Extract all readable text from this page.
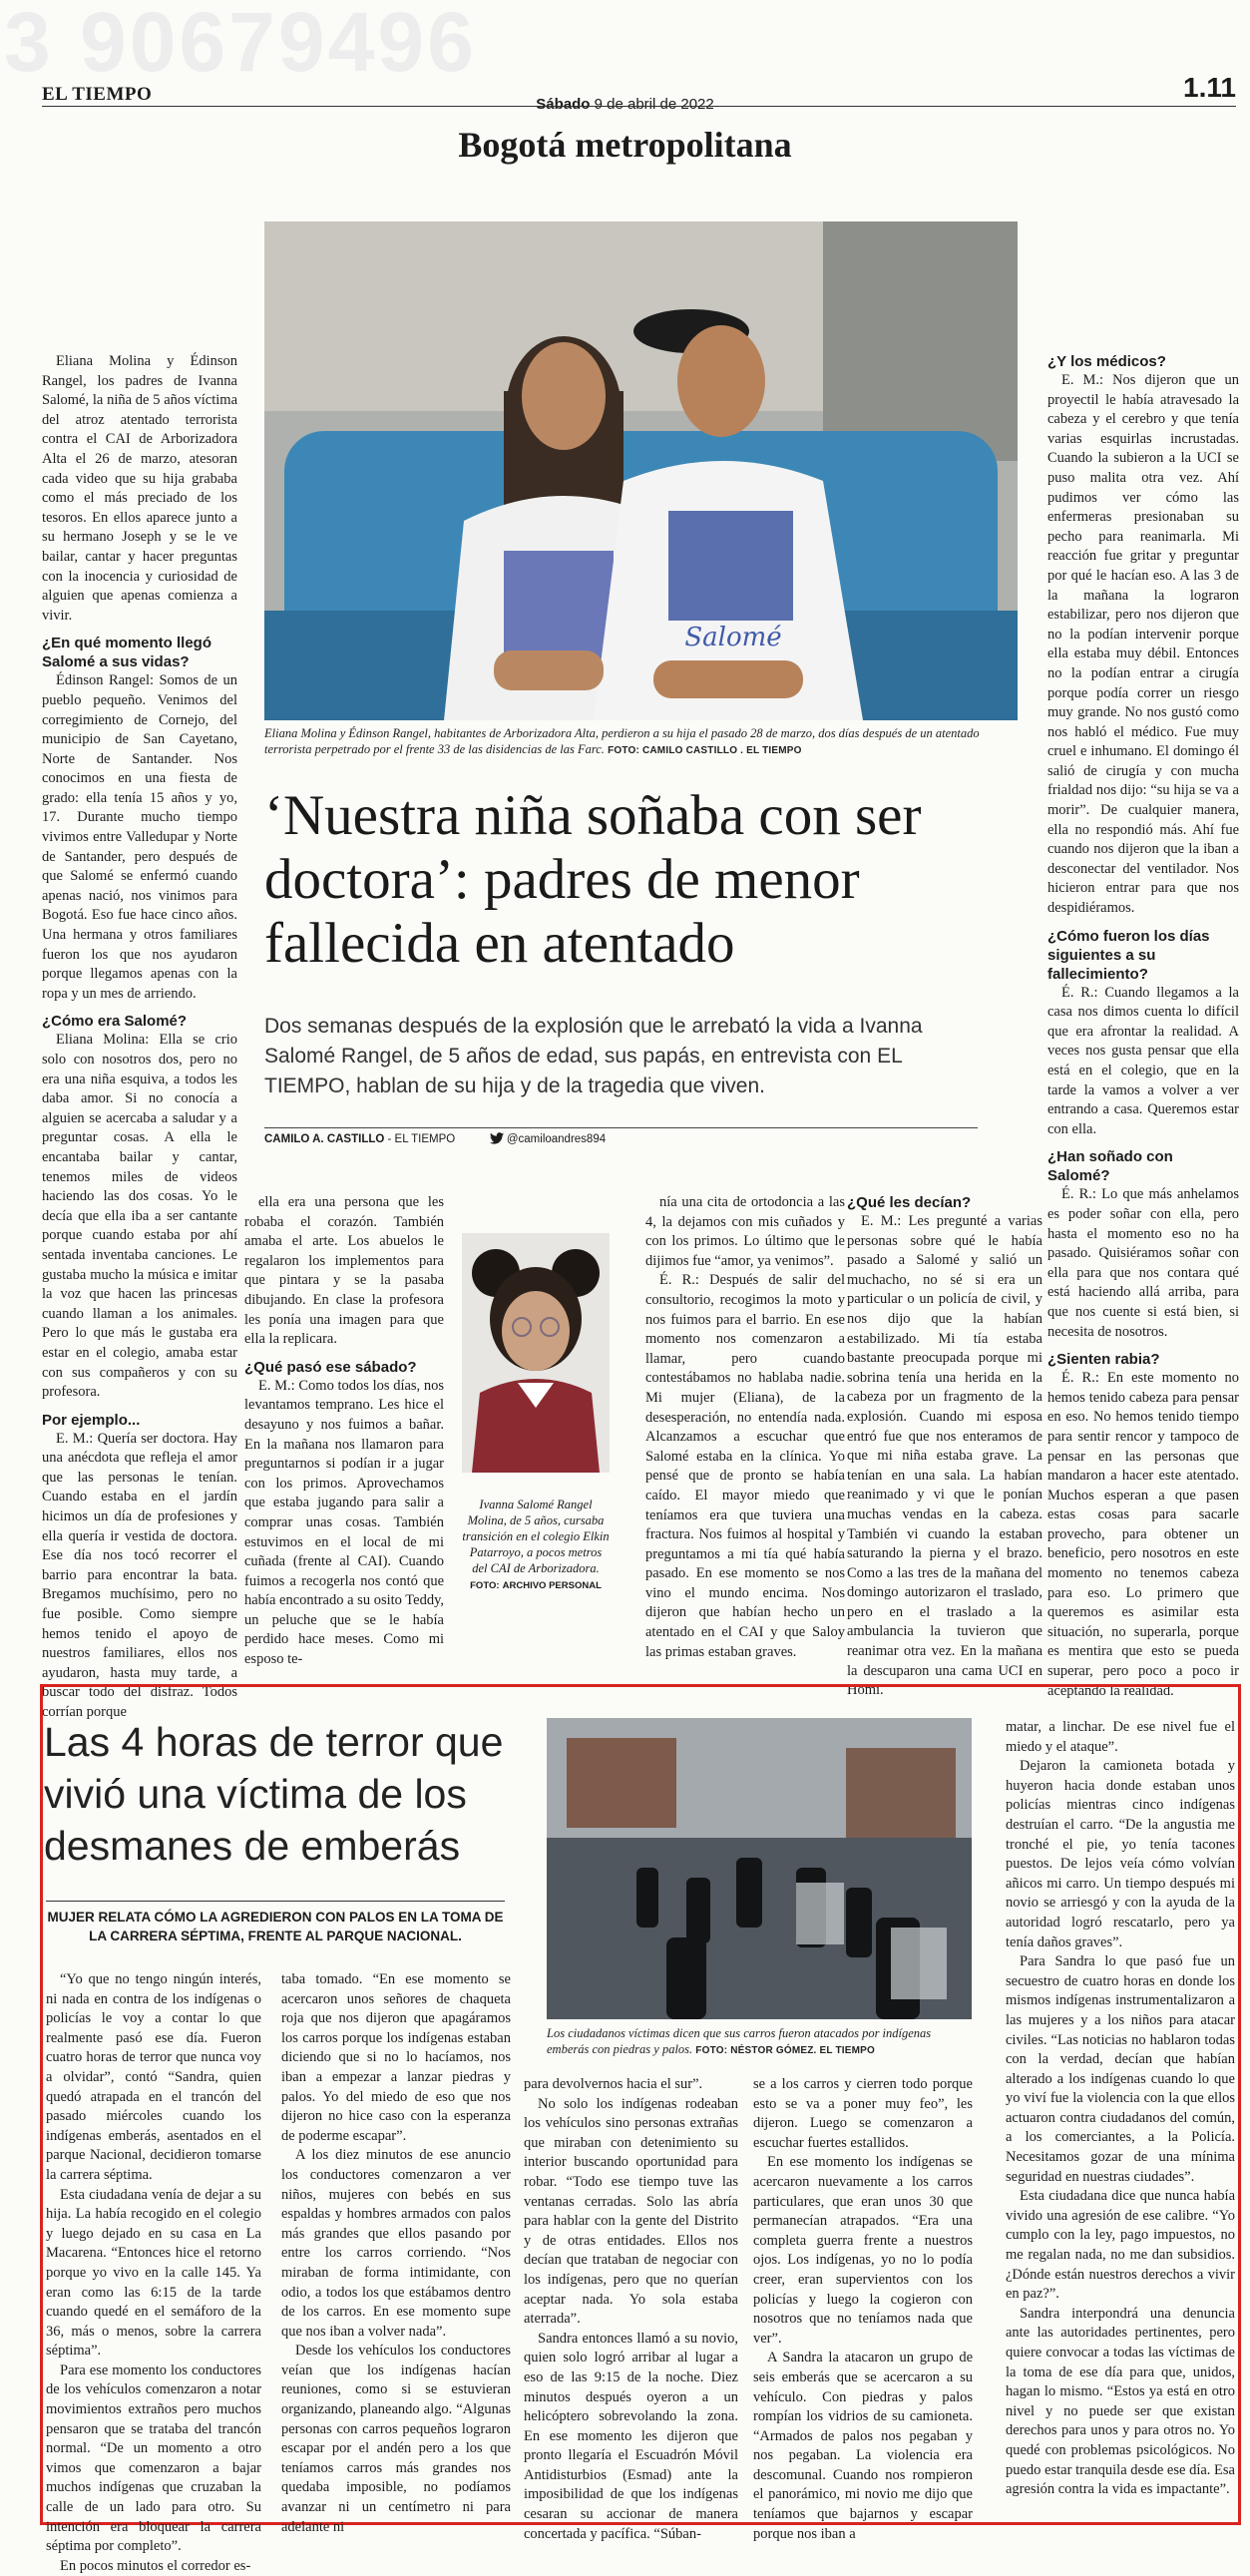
3 90679496
EL TIEMPO	Sábado 9 de abril de 2022
1.11
Bogotá metropolitana
Salomé
Eliana Molina y Édinson Rangel, habitantes de Arborizadora Alta, perdieron a su hija el pasado 28 de marzo, dos días después de un atentado terrorista perpetrado por el frente 33 de las disidencias de las Farc. FOTO: CAMILO CASTILLO . EL TIEMPO

Eliana Molina y Édinson Rangel, los padres de Ivanna Salomé, la niña de 5 años víctima del atroz atentado terrorista contra el CAI de Arborizadora Alta el 26 de marzo, atesoran cada video que su hija grababa como el más preciado de los tesoros. En ellos aparece junto a su hermano Joseph y se le ve bailar, cantar y hacer preguntas con la inocencia y curiosidad de alguien que apenas comienza a vivir.

¿En qué momento llegó Salomé a sus vidas?

Édinson Rangel: Somos de un pueblo pequeño. Venimos del corregimiento de Cornejo, del municipio de San Cayetano, Norte de Santander. Nos conocimos en una fiesta de grado: ella tenía 15 años y yo, 17. Durante mucho tiempo vivimos entre Valledupar y Norte de Santander, pero después de que Salomé se enfermó cuando apenas nació, nos vinimos para Bogotá. Eso fue hace cinco años. Una hermana y otros familiares fueron los que nos ayudaron porque llegamos apenas con la ropa y un mes de arriendo.

¿Cómo era Salomé?

Eliana Molina: Ella se crio solo con nosotros dos, pero no era una niña esquiva, a todos les daba amor. Si no conocía a alguien se acercaba a saludar y a preguntar cosas. A ella le encantaba bailar y cantar, tenemos miles de videos haciendo las dos cosas. Yo le decía que ella iba a ser cantante porque cuando estaba por ahí sentada inventaba canciones. Le gustaba mucho la música e imitar la voz que hacen las princesas cuando llaman a los animales. Pero lo que más le gustaba era estar en el colegio, amaba estar con sus compañeros y con su profesora.

Por ejemplo...

E. M.: Quería ser doctora. Hay una anécdota que refleja el amor que las personas le tenían. Cuando estaba en el jardín hicimos un día de profesiones y ella quería ir vestida de doctora. Ese día nos tocó recorrer el barrio para encontrar la bata. Bregamos muchísimo, pero no fue posible. Como siempre hemos tenido el apoyo de nuestros familiares, ellos nos ayudaron, hasta muy tarde, a buscar todo del disfraz. Todos corrían porque

‘Nuestra niña soñaba con ser doctora’: padres de menor fallecida en atentado
Dos semanas después de la explosión que le arrebató la vida a Ivanna Salomé Rangel, de 5 años de edad, sus papás, en entrevista con EL TIEMPO, hablan de su hija y de la tragedia que viven.
CAMILO A. CASTILLO - EL TIEMPO	@camiloandres894

ella era una persona que les robaba el corazón. También amaba el arte. Los abuelos le regalaron los implementos para que pintara y se la pasaba dibujando. En clase la profesora les ponía una imagen para que ella la replicara.

¿Qué pasó ese sábado?

E. M.: Como todos los días, nos levantamos temprano. Les hice el desayuno y nos fuimos a bañar. En la mañana nos llamaron para preguntarnos si podían ir a jugar con los primos. Aprovechamos que estaba jugando para salir a comprar unas cosas. También estuvimos en el local de mi cuñada (frente al CAI). Cuando fuimos a recogerla nos contó que había encontrado a su osito Teddy, un peluche que se le había perdido hace meses. Como mi esposo te-

Ivanna Salomé Rangel Molina, de 5 años, cursaba transición en el colegio Elkin Patarroyo, a pocos metros del CAI de Arborizadora. FOTO: ARCHIVO PERSONAL

nía una cita de ortodoncia a las 4, la dejamos con mis cuñados y con los primos. Lo último que le dijimos fue “amor, ya venimos”.

É. R.: Después de salir del consultorio, recogimos la moto y nos fuimos para el barrio. En ese momento nos comenzaron a llamar, pero cuando contestábamos no hablaba nadie. Mi mujer (Eliana), de la desesperación, no entendía nada. Alcanzamos a escuchar que Salomé estaba en la clínica. Yo pensé que de pronto se había caído. El mayor miedo que teníamos era que tuviera una fractura. Nos fuimos al hospital y preguntamos a mi tía qué había pasado. En ese momento se nos vino el mundo encima. Nos dijeron que habían hecho un atentado en el CAI y que Saloy las primas estaban graves.

¿Qué les decían?

E. M.: Les pregunté a varias personas sobre qué le había pasado a Salomé y salió un muchacho, no sé si era un particular o un policía de civil, y nos dijo que la habían estabilizado. Mi tía estaba bastante preocupada porque mi sobrina tenía una herida en la cabeza por un fragmento de la explosión. Cuando mi esposa entró fue que nos enteramos de que mi niña estaba grave. La tenían en una sala. La habían reanimado y vi que le ponían muchas vendas en la cabeza. También vi cuando la estaban saturando la pierna y el brazo. Como a las tres de la mañana del domingo autorizaron el traslado, pero en el traslado a la ambulancia la tuvieron que reanimar otra vez. En la mañana la descuparon una cama UCI en Homi.

¿Y los médicos?

E. M.: Nos dijeron que un proyectil le había atravesado la cabeza y el cerebro y que tenía varias esquirlas incrustadas. Cuando la subieron a la UCI se puso malita otra vez. Ahí pudimos ver cómo las enfermeras presionaban su pecho para reanimarla. Mi reacción fue gritar y preguntar por qué le hacían eso. A las 3 de la mañana la lograron estabilizar, pero nos dijeron que no la podían intervenir porque ella estaba muy débil. Entonces no la podían entrar a cirugía porque podía correr un riesgo muy grande. No nos gustó como nos habló el médico. Fue muy cruel e inhumano. El domingo él salió de cirugía y con mucha frialdad nos dijo: “su hija se va a morir”. De cualquier manera, ella no respondió más. Ahí fue cuando nos dijeron que la iban a desconectar del ventilador. Nos hicieron entrar para que nos despidiéramos.

¿Cómo fueron los días siguientes a su fallecimiento?

É. R.: Cuando llegamos a la casa nos dimos cuenta lo difícil que era afrontar la realidad. A veces nos gusta pensar que ella está en el colegio, que en la tarde la vamos a volver a ver entrando a casa. Queremos estar con ella.

¿Han soñado con Salomé?

É. R.: Lo que más anhelamos es poder soñar con ella, pero hasta el momento eso no ha pasado. Quisiéramos soñar con ella para que nos contara qué está haciendo allá arriba, para que nos cuente si está bien, si necesita de nosotros.

¿Sienten rabia?

É. R.: En este momento no hemos tenido cabeza para pensar en eso. No hemos tenido tiempo para sentir rencor y tampoco de pensar en las personas que mandaron a hacer este atentado. Muchos esperan a que pasen estas cosas para sacarle provecho, para obtener un beneficio, pero nosotros en este momento no tenemos cabeza para eso. Lo primero que queremos es asimilar esta situación, no superarla, porque es mentira que esto se pueda superar, pero poco a poco ir aceptando la realidad.

Las 4 horas de terror que vivió una víctima de los desmanes de emberás
MUJER RELATA CÓMO LA AGREDIERON CON PALOS EN LA TOMA DE LA CARRERA SÉPTIMA, FRENTE AL PARQUE NACIONAL.
Los ciudadanos víctimas dicen que sus carros fueron atacados por indígenas emberás con piedras y palos. FOTO: NÉSTOR GÓMEZ. EL TIEMPO

“Yo que no tengo ningún interés, ni nada en contra de los indígenas o policías le voy a contar lo que realmente pasó ese día. Fueron cuatro horas de terror que nunca voy a olvidar”, contó “Sandra, quien quedó atrapada en el trancón del pasado miércoles cuando los indígenas emberás, asentados en el parque Nacional, decidieron tomarse la carrera séptima.

Esta ciudadana venía de dejar a su hija. La había recogido en el colegio y luego dejado en su casa en La Macarena. “Entonces hice el retorno porque yo vivo en la calle 145. Ya eran como las 6:15 de la tarde cuando quedé en el semáforo de la 36, más o menos, sobre la carrera séptima”.

Para ese momento los conductores de los vehículos comenzaron a notar movimientos extraños pero muchos pensaron que se trataba del trancón normal. “De un momento a otro vimos que comenzaron a bajar muchos indígenas que cruzaban la calle de un lado para otro. Su intención era bloquear la carrera séptima por completo”.

En pocos minutos el corredor es-

taba tomado. “En ese momento se acercaron unos señores de chaqueta roja que nos dijeron que apagáramos los carros porque los indígenas estaban diciendo que si no lo hacíamos, nos iban a empezar a lanzar piedras y palos. Yo del miedo de eso que nos dijeron no hice caso con la esperanza de poderme escapar”.

A los diez minutos de ese anuncio los conductores comenzaron a ver niños, mujeres con bebés en sus espaldas y hombres armados con palos más grandes que ellos pasando por entre los carros corriendo. “Nos miraban de forma intimidante, con odio, a todos los que estábamos dentro de los carros. En ese momento supe que nos iban a volver nada”.

Desde los vehículos los conductores veían que los indígenas hacían reuniones, como si se estuvieran organizando, planeando algo. “Algunas personas con carros pequeños lograron escapar por el andén pero a los que teníamos carros más grandes nos quedaba imposible, no podíamos avanzar ni un centímetro ni para adelante ni

para devolvernos hacia el sur”.

No solo los indígenas rodeaban los vehículos sino personas extrañas que miraban con detenimiento su interior buscando oportunidad para robar. “Todo ese tiempo tuve las ventanas cerradas. Solo las abría para hablar con la gente del Distrito y de otras entidades. Ellos nos decían que trataban de negociar con los indígenas, pero que no querían aceptar nada. Yo sola estaba aterrada”.

Sandra entonces llamó a su novio, quien solo logró arribar al lugar a eso de las 9:15 de la noche. Diez minutos después oyeron a un helicóptero sobrevolando la zona. En ese momento les dijeron que pronto llegaría el Escuadrón Móvil Antidisturbios (Esmad) ante la imposibilidad de que los indígenas cesaran su accionar de manera concertada y pacífica. “Súban-

se a los carros y cierren todo porque esto se va a poner muy feo”, les dijeron. Luego se comenzaron a escuchar fuertes estallidos.

En ese momento los indígenas se acercaron nuevamente a los carros particulares, que eran unos 30 que permanecían atrapados. “Era una completa guerra frente a nuestros ojos. Los indígenas, yo no lo podía creer, eran supervientos con los policías y luego la cogieron con nosotros que no teníamos nada que ver”.

A Sandra la atacaron un grupo de seis emberás que se acercaron a su vehículo. Con piedras y palos rompían los vidrios de su camioneta. “Armados de palos nos pegaban y nos pegaban. La violencia era descomunal. Cuando nos rompieron el panorámico, mi novio me dijo que teníamos que bajarnos y escapar porque nos iban a

matar, a linchar. De ese nivel fue el miedo y el ataque”.

Dejaron la camioneta botada y huyeron hacia donde estaban unos policías mientras cinco indígenas destruían el carro. “De la angustia me tronché el pie, yo tenía tacones puestos. De lejos veía cómo volvían añicos mi carro. Un tiempo después mi novio se arriesgó y con la ayuda de la autoridad logró rescatarlo, pero ya tenía daños graves”.

Para Sandra lo que pasó fue un secuestro de cuatro horas en donde los mismos indígenas instrumentalizaron a las mujeres y a los niños para atacar civiles. “Las noticias no hablaron todas con la verdad, decían que habían alterado a los indígenas cuando lo que yo viví fue la violencia con la que ellos actuaron contra ciudadanos del común, a los comerciantes, a la Policía. Necesitamos gozar de una mínima seguridad en nuestras ciudades”.

Esta ciudadana dice que nunca había vivido una agresión de ese calibre. “Yo cumplo con la ley, pago impuestos, no me regalan nada, no me dan subsidios. ¿Dónde están nuestros derechos a vivir en paz?”.

Sandra interpondrá una denuncia ante las autoridades pertinentes, pero quiere convocar a todas las víctimas de la toma de ese día para que, unidos, hagan lo mismo. “Estos ya está en otro nivel y no puede ser que existan derechos para unos y para otros no. Yo quedé con problemas psicológicos. No puedo estar tranquila desde ese día. Esa agresión contra la vida es impactante”.
